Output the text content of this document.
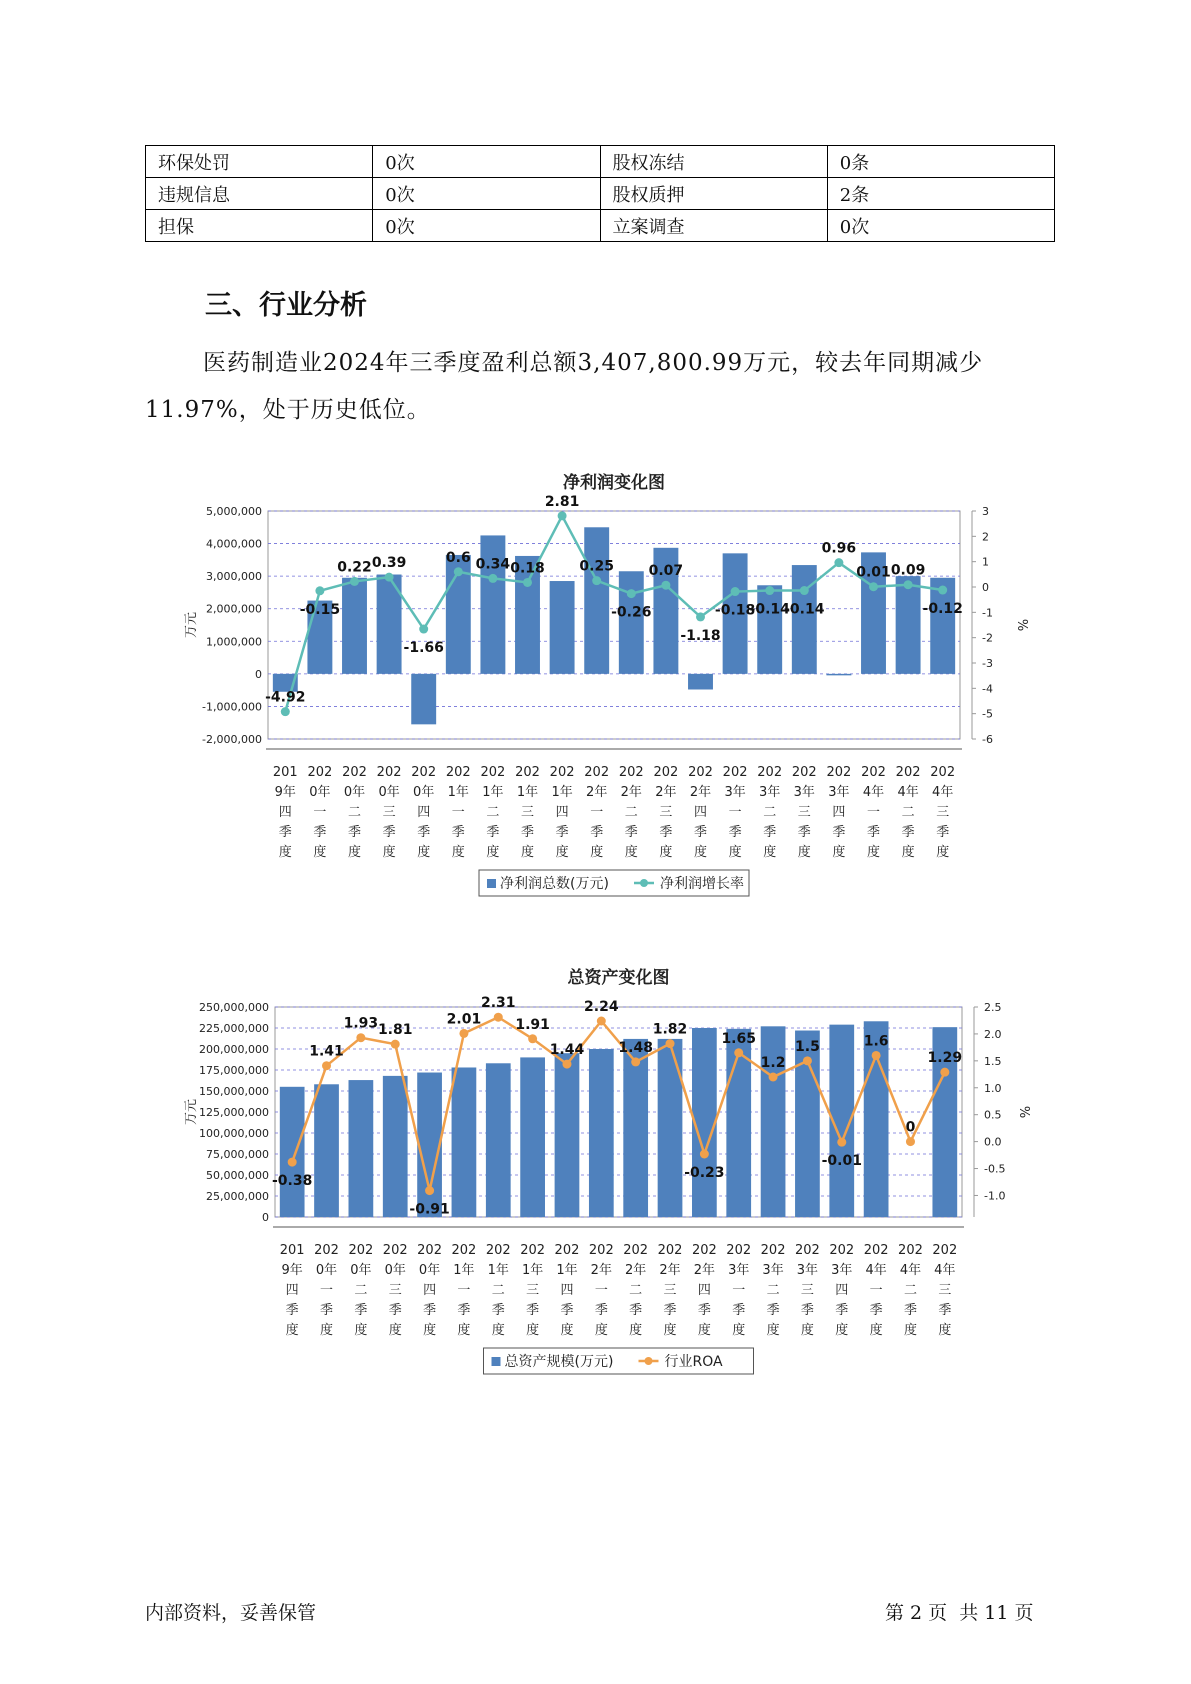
环保处罚	0次	股权冻结	0条
违规信息	0次	股权质押	2条
担保	0次	立案调查	0次
三、行业分析
医药制造业2024年三季度盈利总额3,407,800.99万元，较去年同期减少11.97%，处于历史低位。
净利润变化图
-2,000,000
-1,000,000
0
1,000,000
2,000,000
3,000,000
4,000,000
5,000,000
-6
-5
-4
-3
-2
-1
0
1
2
3
万元	%
-4.92
-0.15
0.22 0.39
-1.66
0.6 0.34 0.18
2.81
0.25
-0.26
0.07
-1.18
-0.18
-0.14
-0.14
0.96
0.01 0.09
-0.12
201
9年
四
季
度
202
0年
一
季
度
202
0年
二
季
度
202
0年
三
季
度
202
0年
四
季
度
202
1年
一
季
度
202
1年
二
季
度
202
1年
三
季
度
202
1年
四
季
度
202
2年
一
季
度
202
2年
二
季
度
202
2年
三
季
度
202
2年
四
季
度
202
3年
一
季
度
202
3年
二
季
度
202
3年
三
季
度
202
3年
四
季
度
202
4年
一
季
度
202
4年
二
季
度
202
4年
三
季
度
净利润总数(万元)	净利润增长率
总资产变化图
0
25,000,000
50,000,000
75,000,000
100,000,000
125,000,000
150,000,000
175,000,000
200,000,000
225,000,000
250,000,000
-1.0
-0.5
0.0
0.5
1.0
1.5
2.0
2.5
万元	%
-0.38
1.41
1.93 1.81
-0.91
2.01
2.31
1.91
1.44
2.24
1.48
1.82
-0.23
1.65
1.2
1.5
-0.01
1.6
0
1.29
201
9年
四
季
度
202
0年
一
季
度
202
0年
二
季
度
202
0年
三
季
度
202
0年
四
季
度
202
1年
一
季
度
202
1年
二
季
度
202
1年
三
季
度
202
1年
四
季
度
202
2年
一
季
度
202
2年
二
季
度
202
2年
三
季
度
202
2年
四
季
度
202
3年
一
季
度
202
3年
二
季
度
202
3年
三
季
度
202
3年
四
季
度
202
4年
一
季
度
202
4年
二
季
度
202
4年
三
季
度
总资产规模(万元)	行业ROA
内部资料，妥善保管	第 2 页  共 11 页
